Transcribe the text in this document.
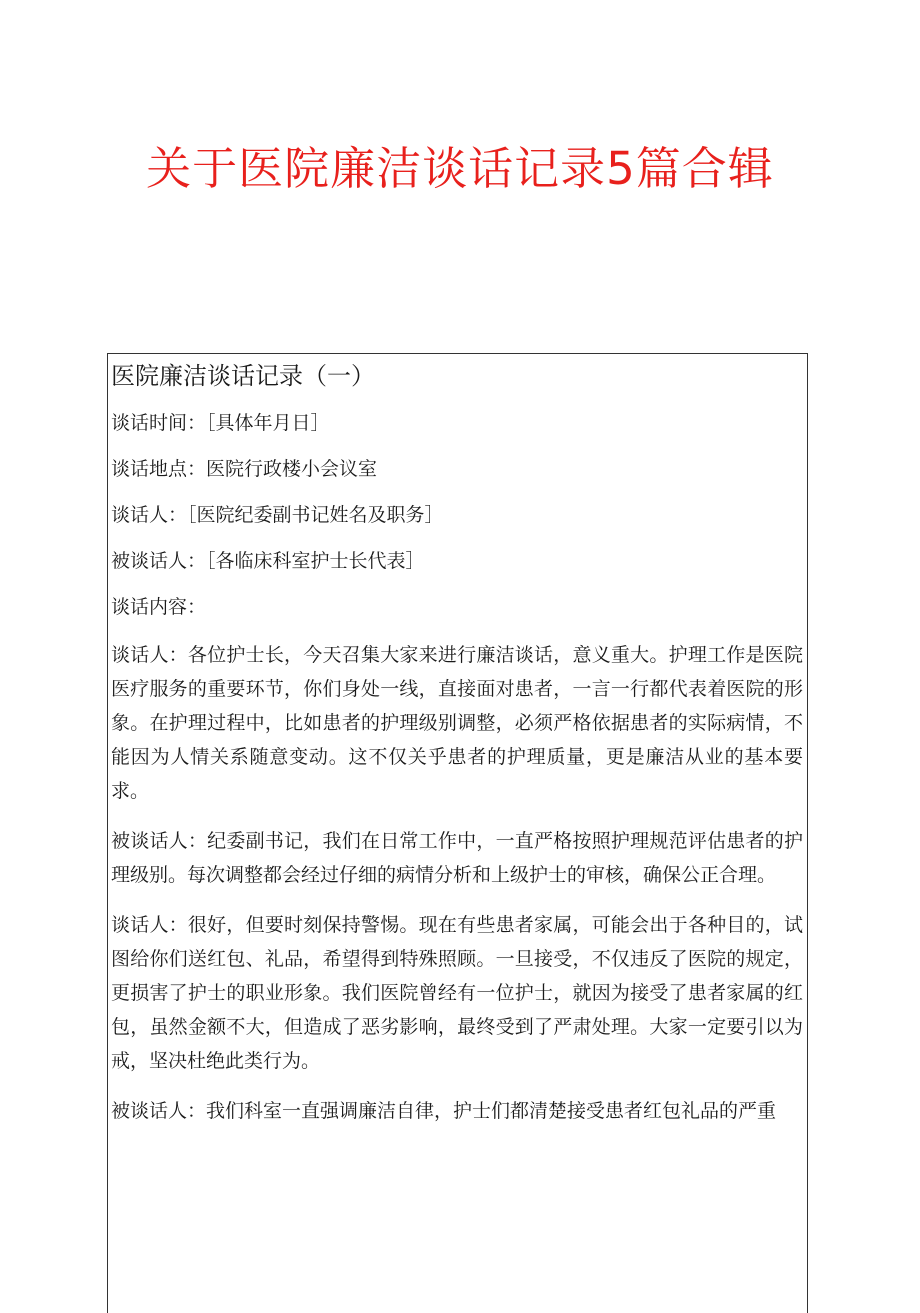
关于医院廉洁谈话记录5篇合辑
医院廉洁谈话记录（一）

谈话时间：［具体年月日］

谈话地点：医院行政楼小会议室

谈话人：［医院纪委副书记姓名及职务］

被谈话人：［各临床科室护士长代表］

谈话内容：

谈话人：各位护士长，今天召集大家来进行廉洁谈话，意义重大。护理工作是医院医疗服务的重要环节，你们身处一线，直接面对患者，一言一行都代表着医院的形象。在护理过程中，比如患者的护理级别调整，必须严格依据患者的实际病情，不能因为人情关系随意变动。这不仅关乎患者的护理质量，更是廉洁从业的基本要求。

被谈话人：纪委副书记，我们在日常工作中，一直严格按照护理规范评估患者的护理级别。每次调整都会经过仔细的病情分析和上级护士的审核，确保公正合理。

谈话人：很好，但要时刻保持警惕。现在有些患者家属，可能会出于各种目的，试图给你们送红包、礼品，希望得到特殊照顾。一旦接受，不仅违反了医院的规定，更损害了护士的职业形象。我们医院曾经有一位护士，就因为接受了患者家属的红包，虽然金额不大，但造成了恶劣影响，最终受到了严肃处理。大家一定要引以为戒，坚决杜绝此类行为。

被谈话人：我们科室一直强调廉洁自律，护士们都清楚接受患者红包礼品的严重
